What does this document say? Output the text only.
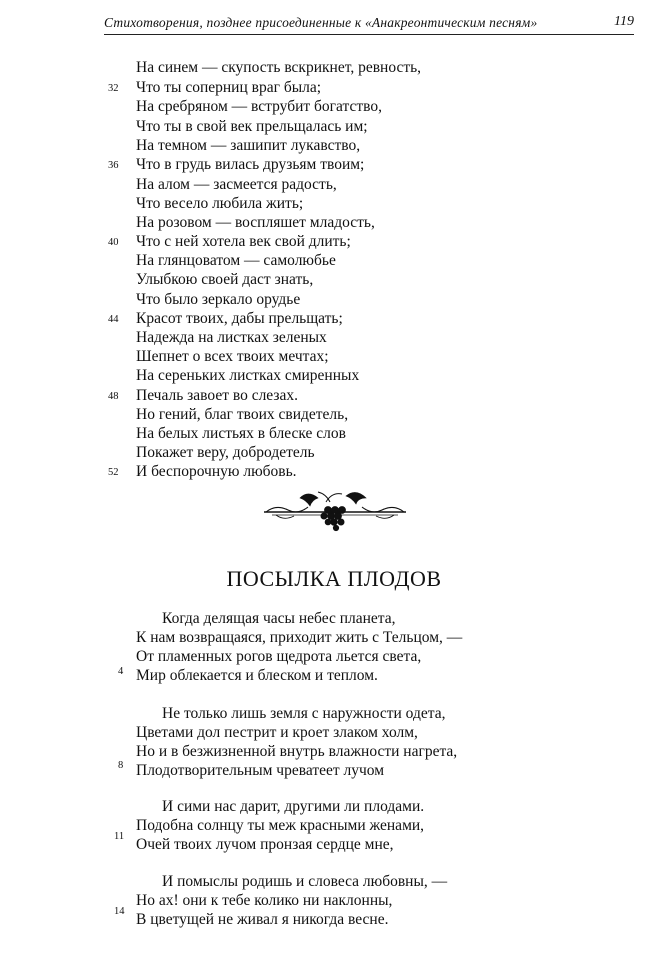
Стихотворения, позднее присоединенные к «Анакреонтическим песням»	119
На синем — скупость вскрикнет, ревность,
Что ты соперниц враг была;
На сребряном — вструбит богатство,
Что ты в свой век прельщалась им;
На темном — зашипит лукавство,
Что в грудь вилась друзьям твоим;
На алом — засмеется радость,
Что весело любила жить;
На розовом — воспляшет младость,
Что с ней хотела век свой длить;
На глянцоватом — самолюбье
Улыбкою своей даст знать,
Что было зеркало орудье
Красот твоих, дабы прельщать;
Надежда на листках зеленых
Шепнет о всех твоих мечтах;
На сереньких листках смиренных
Печаль завоет во слезах.
Но гений, благ твоих свидетель,
На белых листьях в блеске слов
Покажет веру, добродетель
И беспорочную любовь.
32
36
40
44
48
52
ПОСЫЛКА ПЛОДОВ
Когда делящая часы небес планета,
К нам возвращаяся, приходит жить с Тельцом, —
От пламенных рогов щедрота льется света,
Мир облекается и блеском и теплом.
4
Не только лишь земля с наружности одета,
Цветами дол пестрит и кроет злаком холм,
Но и в безжизненной внутрь влажности нагрета,
Плодотворительным чреватеет лучом
8
И сими нас дарит, другими ли плодами.
Подобна солнцу ты меж красными женами,
Очей твоих лучом пронзая сердце мне,
11
И помыслы родишь и словеса любовны, —
Но ах! они к тебе колико ни наклонны,
В цветущей не живал я никогда весне.
14
